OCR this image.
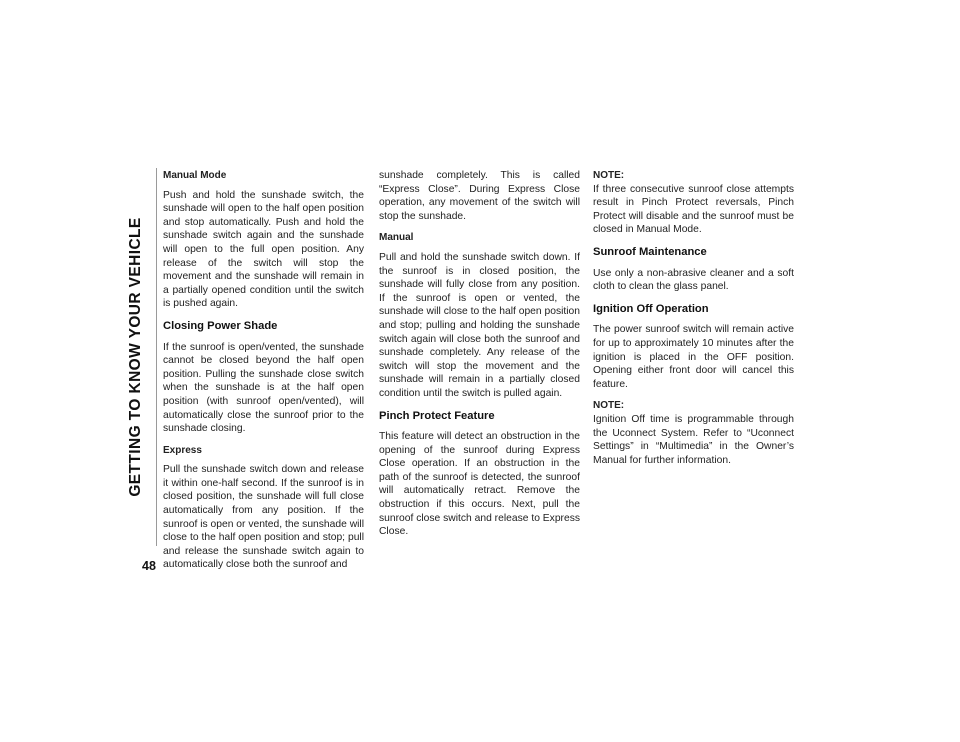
GETTING TO KNOW YOUR VEHICLE
48
Manual Mode

Push and hold the sunshade switch, the sunshade will open to the half open position and stop automatically. Push and hold the sunshade switch again and the sunshade will open to the full open position. Any release of the switch will stop the movement and the sunshade will remain in a partially opened condition until the switch is pushed again.

Closing Power Shade

If the sunroof is open/vented, the sunshade cannot be closed beyond the half open position. Pulling the sunshade close switch when the sunshade is at the half open position (with sunroof open/vented), will automatically close the sunroof prior to the sunshade closing.

Express

Pull the sunshade switch down and release it within one-half second. If the sunroof is in closed position, the sunshade will full close automatically from any position. If the sunroof is open or vented, the sunshade will close to the half open position and stop; pull and release the sunshade switch again to automatically close both the sunroof and

sunshade completely. This is called “Express Close”. During Express Close operation, any movement of the switch will stop the sunshade.

Manual

Pull and hold the sunshade switch down. If the sunroof is in closed position, the sunshade will fully close from any position. If the sunroof is open or vented, the sunshade will close to the half open position and stop; pulling and holding the sunshade switch again will close both the sunroof and sunshade completely. Any release of the switch will stop the movement and the sunshade will remain in a partially closed condition until the switch is pulled again.

Pinch Protect Feature

This feature will detect an obstruction in the opening of the sunroof during Express Close operation. If an obstruction in the path of the sunroof is detected, the sunroof will automatically retract. Remove the obstruction if this occurs. Next, pull the sunroof close switch and release to Express Close.

NOTE:

If three consecutive sunroof close attempts result in Pinch Protect reversals, Pinch Protect will disable and the sunroof must be closed in Manual Mode.

Sunroof Maintenance

Use only a non-abrasive cleaner and a soft cloth to clean the glass panel.

Ignition Off Operation

The power sunroof switch will remain active for up to approximately 10 minutes after the ignition is placed in the OFF position. Opening either front door will cancel this feature.

NOTE:

Ignition Off time is programmable through the Uconnect System. Refer to “Uconnect Settings” in “Multimedia” in the Owner’s Manual for further information.
